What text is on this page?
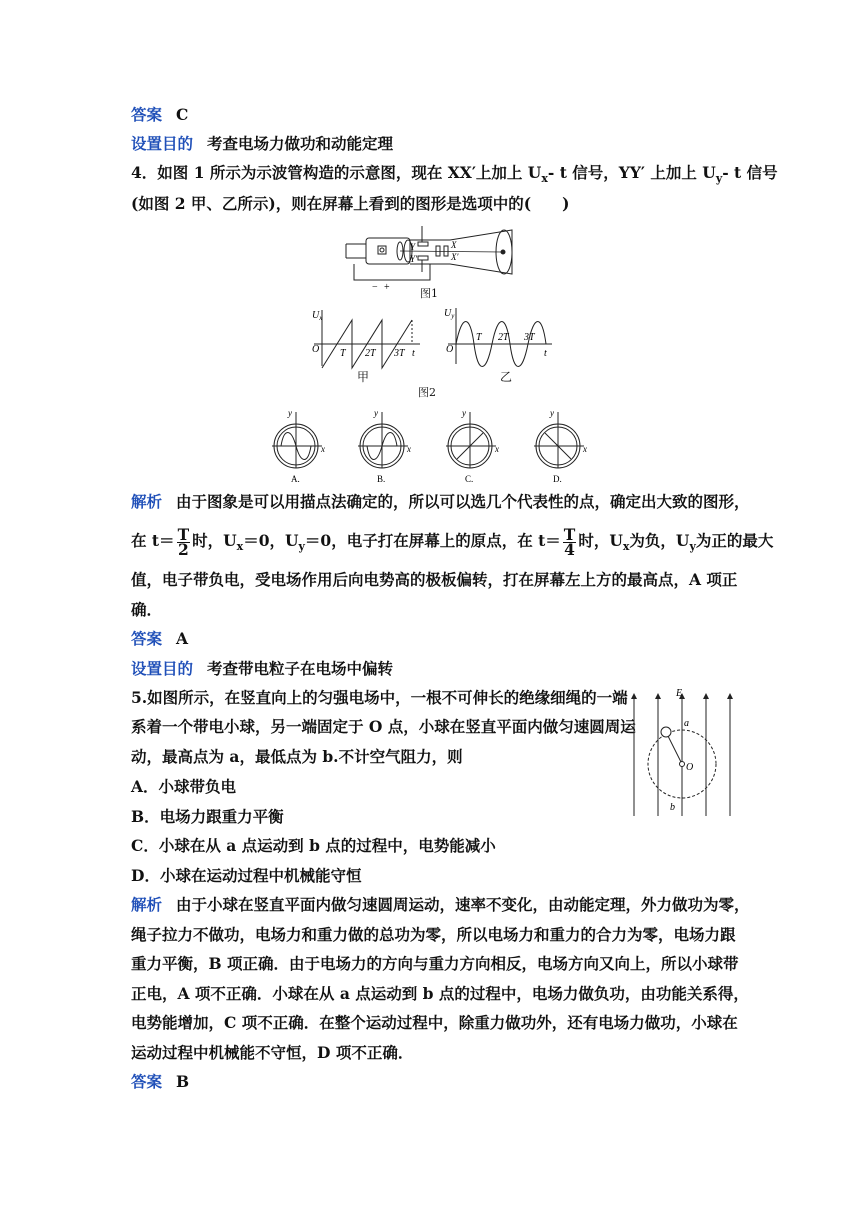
答案 C
设置目的 考查电场力做功和动能定理
4．如图 1 所示为示波管构造的示意图，现在 XX′上加上 $U_x-$ t 信号，YY′ 上加上 $U_y-$ t 信号
(如图 2 甲、乙所示)，则在屏幕上看到的图形是选项中的(　　)
X
X′
Y
Y′
− +	图1
$U_x$
O T 2T 3T t
甲
$U_y$
O
T 2T 3T
t
乙
图2
y
x
A.
y
x
B.
y
x
C.
y
x
D.
解析 由于图象是可以用描点法确定的，所以可以选几个代表性的点，确定出大致的图形，
在 $t= \frac{T}{2}$ 时，$U_x=0$，$U_y=0$，电子打在屏幕上的原点，在 $t= \frac{T}{4}$ 时，$U_x$为负，$U_y$为正的最大
值，电子带负电，受电场作用后向电势高的极板偏转，打在屏幕左上方的最高点，A 项正
确．
答案 A
设置目的 考查带电粒子在电场中偏转
5.如图所示，在竖直向上的匀强电场中，一根不可伸长的绝缘细绳的一端
系着一个带电小球，另一端固定于 O 点，小球在竖直平面内做匀速圆周运
动，最高点为 a，最低点为 b.不计空气阻力，则
E
a
O
b
A．小球带负电
B．电场力跟重力平衡
C．小球在从 a 点运动到 b 点的过程中，电势能减小
D．小球在运动过程中机械能守恒
解析 由于小球在竖直平面内做匀速圆周运动，速率不变化，由动能定理，外力做功为零，
绳子拉力不做功，电场力和重力做的总功为零，所以电场力和重力的合力为零，电场力跟
重力平衡，B 项正确．由于电场力的方向与重力方向相反，电场方向又向上，所以小球带
正电，A 项不正确．小球在从 a 点运动到 b 点的过程中，电场力做负功，由功能关系得，
电势能增加，C 项不正确．在整个运动过程中，除重力做功外，还有电场力做功，小球在
运动过程中机械能不守恒，D 项不正确．
答案 B
